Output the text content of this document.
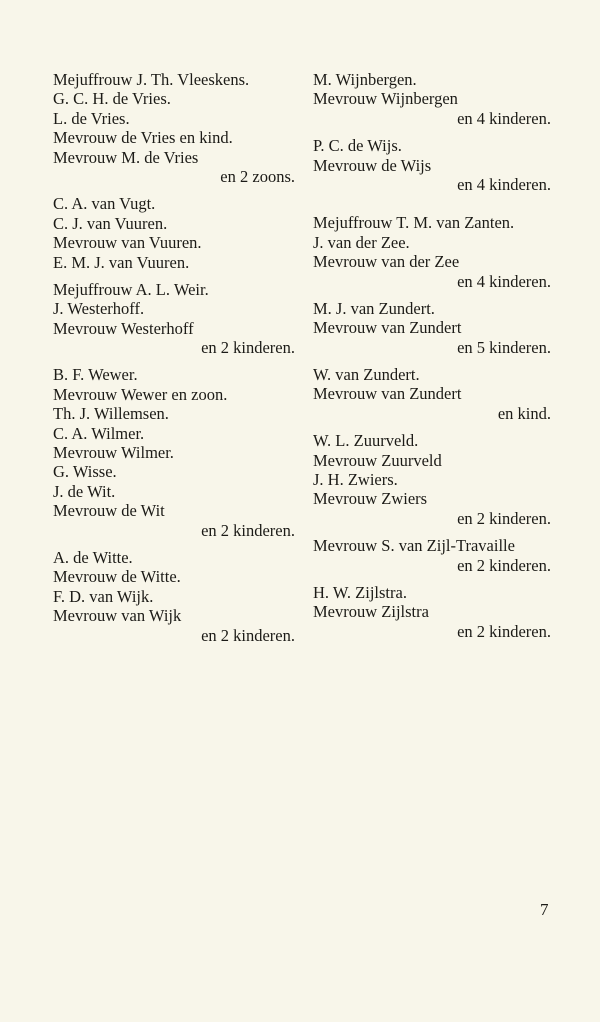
Mejuffrouw J. Th. Vleeskens.
G. C. H. de Vries.
L. de Vries.
Mevrouw de Vries en kind.
Mevrouw M. de Vries
en 2 zoons.
C. A. van Vugt.
C. J. van Vuuren.
Mevrouw van Vuuren.
E. M. J. van Vuuren.
Mejuffrouw A. L. Weir.
J. Westerhoff.
Mevrouw Westerhoff
en 2 kinderen.
B. F. Wewer.
Mevrouw Wewer en zoon.
Th. J. Willemsen.
C. A. Wilmer.
Mevrouw Wilmer.
G. Wisse.
J. de Wit.
Mevrouw de Wit
en 2 kinderen.
A. de Witte.
Mevrouw de Witte.
F. D. van Wijk.
Mevrouw van Wijk
en 2 kinderen.
M. Wijnbergen.
Mevrouw Wijnbergen
en 4 kinderen.
P. C. de Wijs.
Mevrouw de Wijs
en 4 kinderen.
Mejuffrouw T. M. van Zanten.
J. van der Zee.
Mevrouw van der Zee
en 4 kinderen.
M. J. van Zundert.
Mevrouw van Zundert
en 5 kinderen.
W. van Zundert.
Mevrouw van Zundert
en kind.
W. L. Zuurveld.
Mevrouw Zuurveld
J. H. Zwiers.
Mevrouw Zwiers
en 2 kinderen.
Mevrouw S. van Zijl-Travaille
en 2 kinderen.
H. W. Zijlstra.
Mevrouw Zijlstra
en 2 kinderen.
7
